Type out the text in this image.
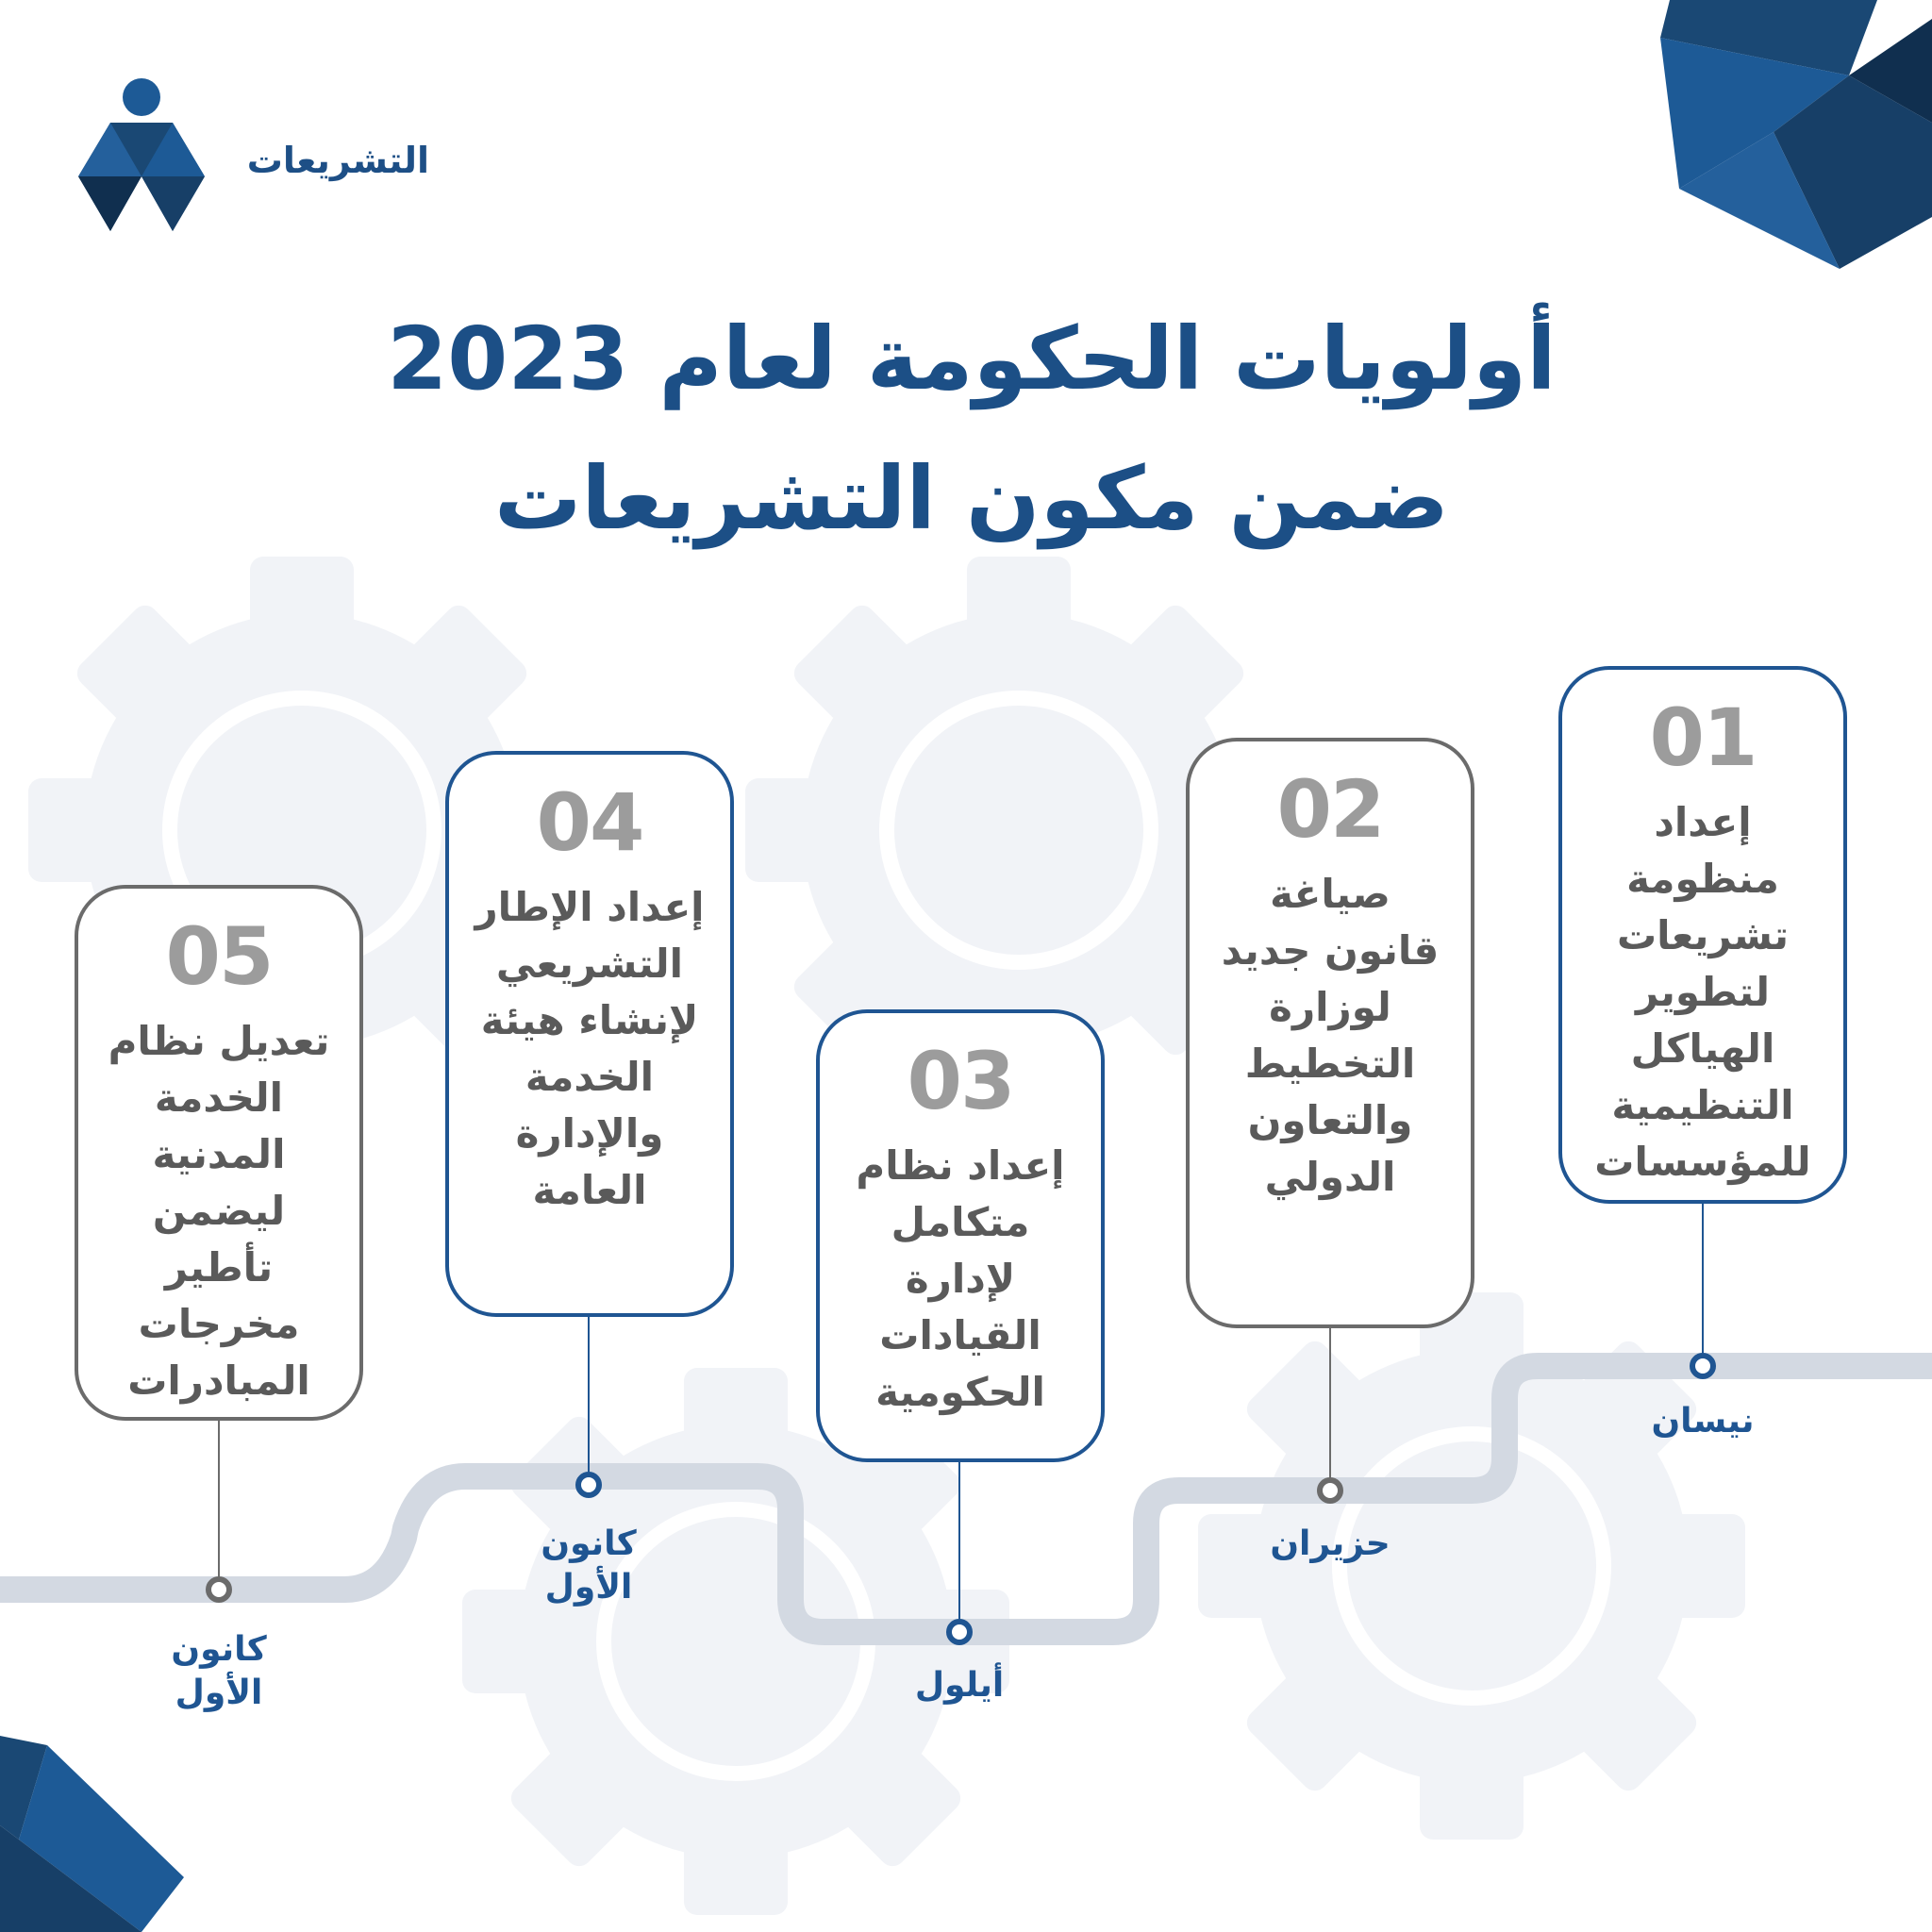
التشريعات
أولويات الحكومة لعام 2023
ضمن مكون التشريعات
01
إعداد
منظومة
تشريعات
لتطوير
الهياكل
التنظيمية
للمؤسسات
02
صياغة
قانون جديد
لوزارة
التخطيط
والتعاون
الدولي
03
إعداد نظام
متكامل
لإدارة
القيادات
الحكومية
04
إعداد الإطار
التشريعي
لإنشاء هيئة
الخدمة
والإدارة
العامة
05
تعديل نظام
الخدمة
المدنية
ليضمن
تأطير
مخرجات
المبادرات
نيسان
حزيران
أيلول
كانون
الأول
كانون
الأول
